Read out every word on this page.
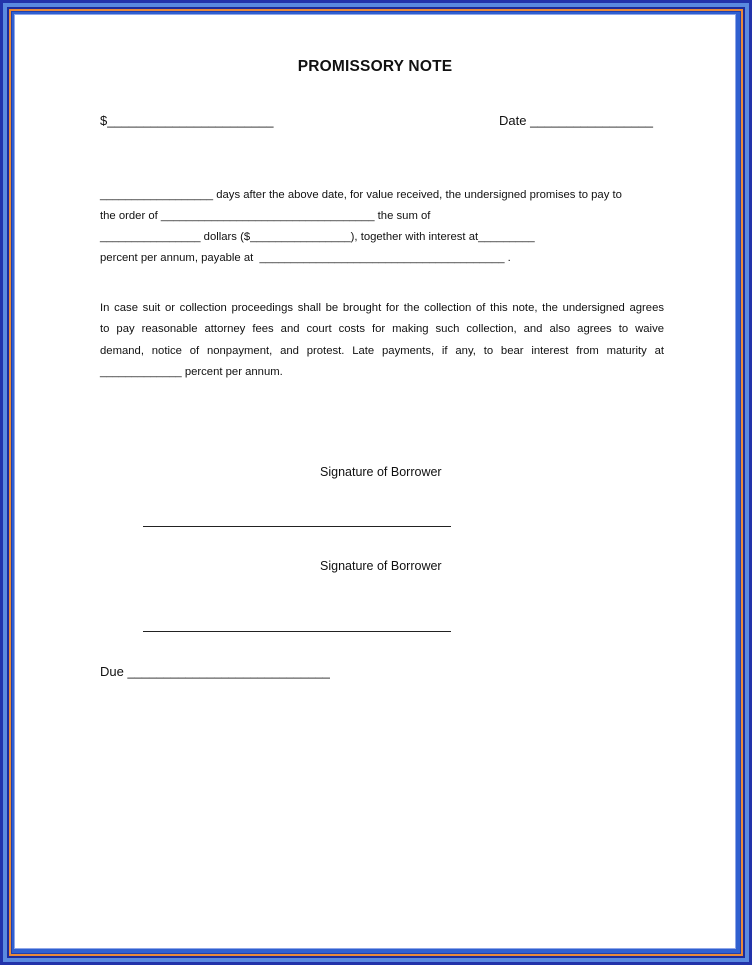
PROMISSORY NOTE
$_______________________	Date _________________
__________________ days after the above date, for value received, the undersigned promises to pay to
the order of __________________________________ the sum of
________________ dollars ($________________), together with interest at_________
percent per annum, payable at  _______________________________________ .
In case suit or collection proceedings shall be brought for the collection of this note, the undersigned agrees
to pay reasonable attorney fees and court costs for making such collection, and also agrees to waive
demand, notice of nonpayment, and protest. Late payments, if any, to bear interest from maturity at
_____________ percent per annum.
Signature of Borrower
Signature of Borrower
Due ____________________________
